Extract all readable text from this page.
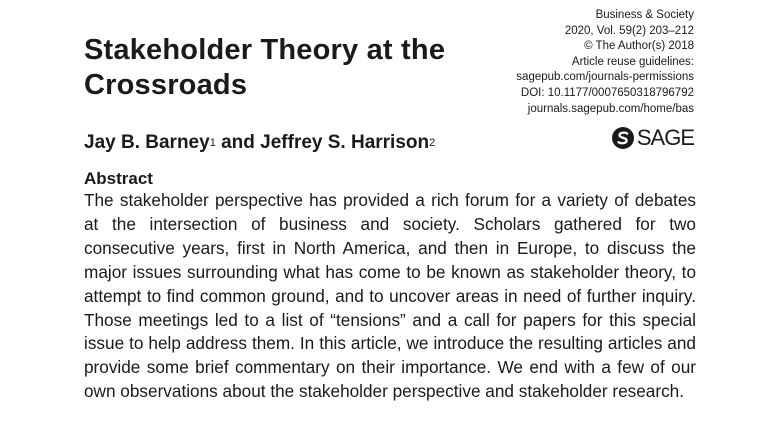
Stakeholder Theory at the Crossroads
Business & Society
2020, Vol. 59(2) 203–212
© The Author(s) 2018
Article reuse guidelines:
sagepub.com/journals-permissions
DOI: 10.1177/0007650318796792
journals.sagepub.com/home/bas
Jay B. Barney$^1$ and Jeffrey S. Harrison$^2$	SAGE
Abstract

The stakeholder perspective has provided a rich forum for a variety of debates at the intersection of business and society. Scholars gathered for two consecutive years, first in North America, and then in Europe, to discuss the major issues surrounding what has come to be known as stakeholder theory, to attempt to find common ground, and to uncover areas in need of further inquiry. Those meetings led to a list of “tensions” and a call for papers for this special issue to help address them. In this article, we introduce the resulting articles and provide some brief commentary on their importance. We end with a few of our own observations about the stakeholder perspective and stakeholder research.
